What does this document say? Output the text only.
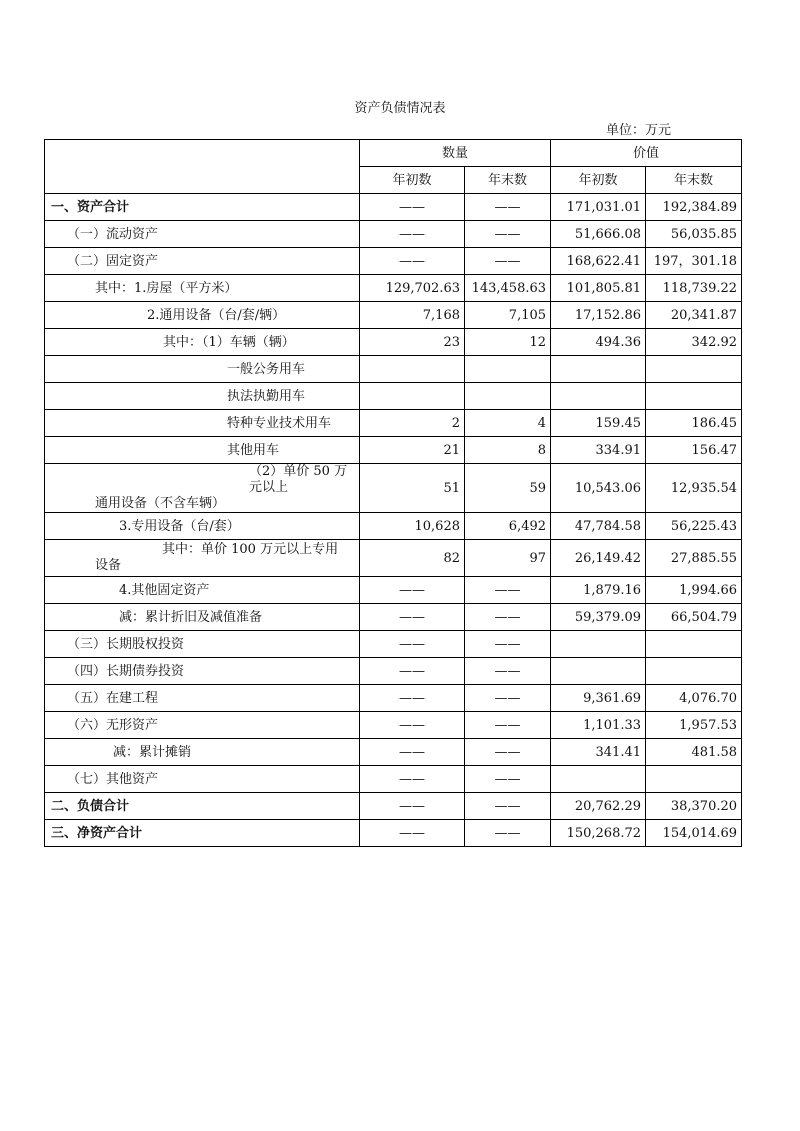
资产负债情况表
单位：万元
	数量		价值	
	年初数	年末数	年初数	年末数
一、资产合计	——	——	171,031.01	192,384.89
（一）流动资产	——	——	51,666.08	56,035.85
（二）固定资产	——	——	168,622.41	197，301.18
其中：1.房屋（平方米）	129,702.63	143,458.63	101,805.81	118,739.22
2.通用设备（台/套/辆）	7,168	7,105	17,152.86	20,341.87
其中：（1）车辆（辆）	23	12	494.36	342.92
一般公务用车				
执法执勤用车				
特种专业技术用车	2	4	159.45	186.45
其他用车	21	8	334.91	156.47

（2）单价 50 万元以上
通用设备（不含车辆）	51	59	10,543.06	12,935.54
3.专用设备（台/套）	10,628	6,492	47,784.58	56,225.43

其中：单价 100 万元以上专用
设备	82	97	26,149.42	27,885.55
4.其他固定资产	——	——	1,879.16	1,994.66
减：累计折旧及减值准备	——	——	59,379.09	66,504.79
（三）长期股权投资	——	——		
（四）长期债券投资	——	——		
（五）在建工程	——	——	9,361.69	4,076.70
（六）无形资产	——	——	1,101.33	1,957.53
减：累计摊销	——	——	341.41	481.58
（七）其他资产	——	——		
二、负债合计	——	——	20,762.29	38,370.20
三、净资产合计	——	——	150,268.72	154,014.69
